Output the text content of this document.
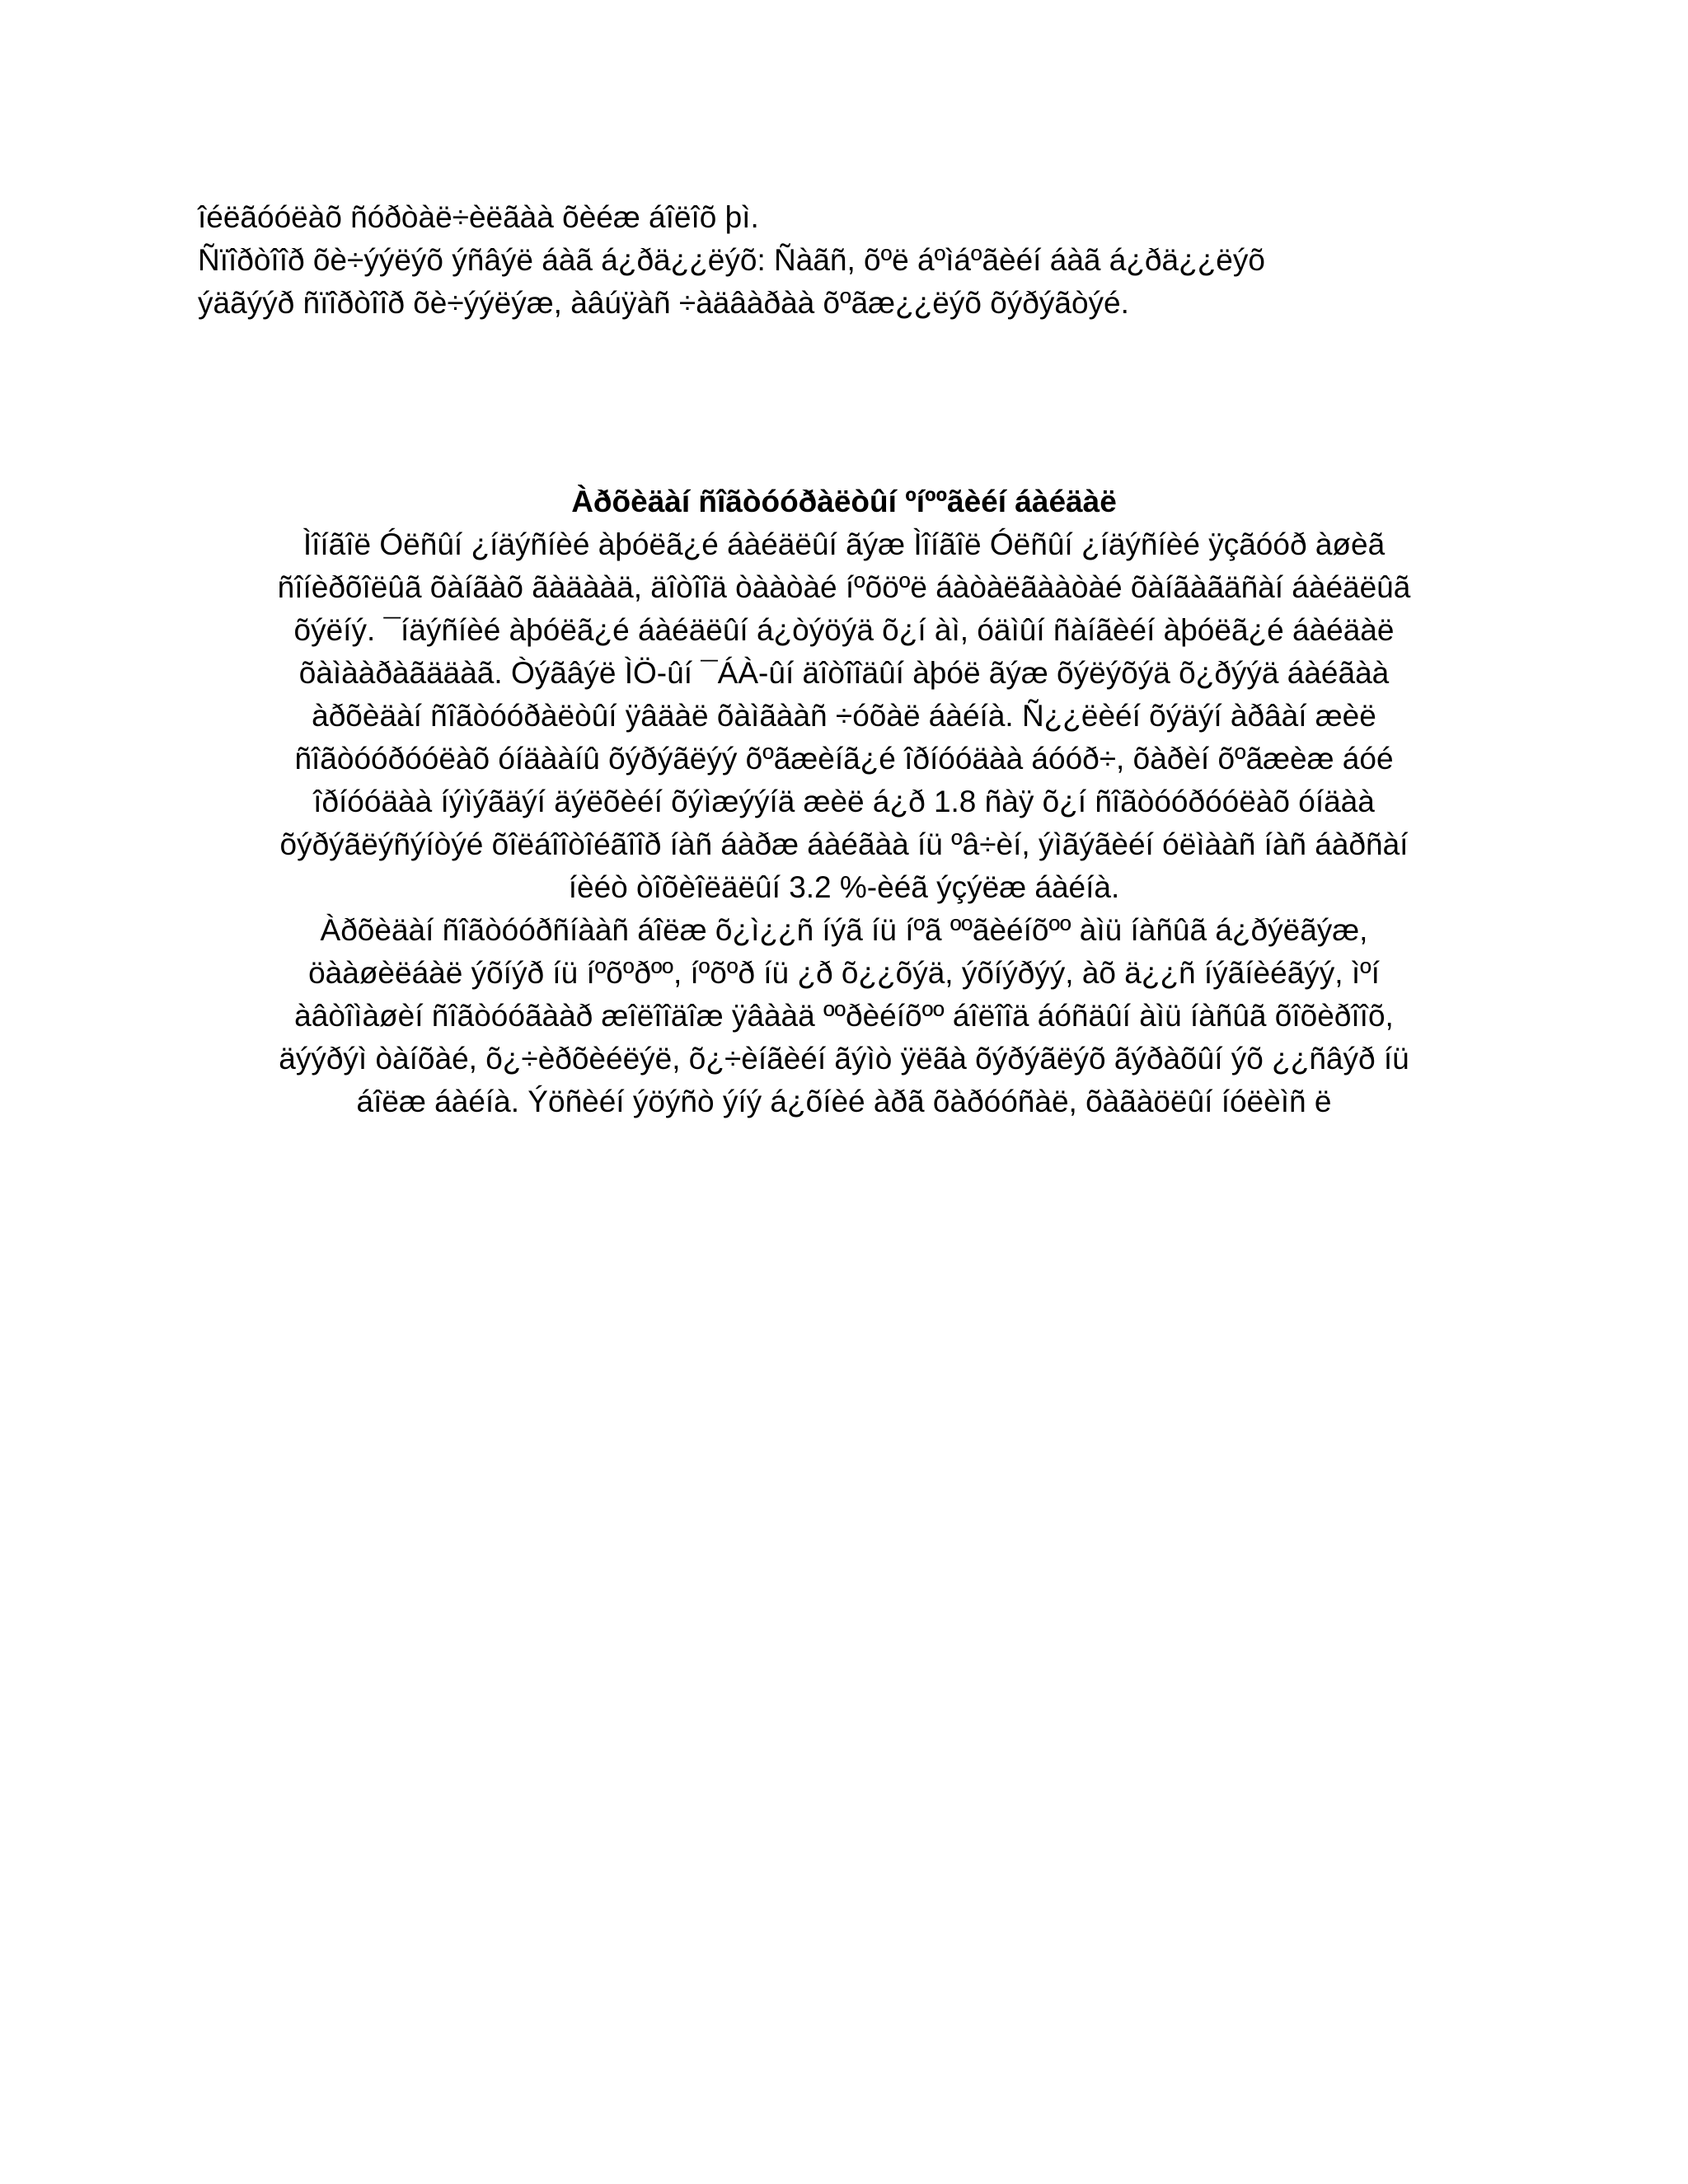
îéëãóóëàõ ñóðòàë÷èëãàà õèéæ áîëîõ þì.
Ñïîðòîîð õè÷ýýëýõ ýñâýë áàã á¿ðä¿¿ëýõ: Ñàãñ, õºë áºìáºãèéí áàã á¿ðä¿¿ëýõ
ýäãýýð ñïîðòîîð õè÷ýýëýæ, àâúÿàñ ÷àäâàðàà õºãæ¿¿ëýõ õýðýãòýé.
Àðõèäàí ñîãòóóðàëòûí ºíººãèéí áàéäàë
Ìîíãîë Óëñûí ¿íäýñíèé àþóëã¿é áàéäëûí ãýæ Ìîíãîë Óëñûí ¿íäýñíèé ÿçãóóð àøèã
ñîíèðõîëûã õàíãàõ ãàäààä, äîòîîä òààòàé íºõöºë áàòàëãààòàé õàíãàãäñàí áàéäëûã
õýëíý. ¯íäýñíèé àþóëã¿é áàéäëûí á¿òýöýä õ¿í àì, óäìûí ñàíãèéí àþóëã¿é áàéäàë
õàìààðàãääàã. Òýãâýë ÌÖ-ûí ¯ÁÀ-ûí äîòîîäûí àþóë ãýæ õýëýõýä õ¿ðýýä áàéãàà
àðõèäàí ñîãòóóðàëòûí ÿâäàë õàìãààñ ÷óõàë áàéíà. Ñ¿¿ëèéí õýäýí àðâàí æèë
ñîãòóóðóóëàõ óíäààíû õýðýãëýý õºãæèíã¿é îðíóóäàà áóóð÷, õàðèí õºãæèæ áóé
îðíóóäàà íýìýãäýí äýëõèéí õýìæýýíä æèë á¿ð 1.8 ñàÿ õ¿í ñîãòóóðóóëàõ óíäàà
õýðýãëýñýíòýé õîëáîîòîéãîîð íàñ áàðæ áàéãàà íü ºâ÷èí, ýìãýãèéí óëìààñ íàñ áàðñàí
íèéò òîõèîëäëûí 3.2 %-èéã ýçýëæ áàéíà.
Àðõèäàí ñîãòóóðñíààñ áîëæ õ¿ì¿¿ñ íýã íü íºã ººãèéíõºº àìü íàñûã á¿ðýëãýæ,
öààøèëáàë ýõíýð íü íºõºðºº, íºõºð íü ¿ð õ¿¿õýä, ýõíýðýý, àõ ä¿¿ñ íýãíèéãýý, ìºí
àâòîìàøèí ñîãòóóãààð æîëîîäîæ ÿâààä ººðèéíõºº áîëîîä áóñäûí àìü íàñûã õîõèðîîõ,
äýýðýì òàíõàé, õ¿÷èðõèéëýë, õ¿÷èíãèéí ãýìò ÿëãà õýðýãëýõ ãýðàõûí ýõ ¿¿ñâýð íü
áîëæ áàéíà. Ýöñèéí ýöýñò ýíý á¿õíèé àðã õàðóóñàë, õàãàöëûí íóëèìñ ë
